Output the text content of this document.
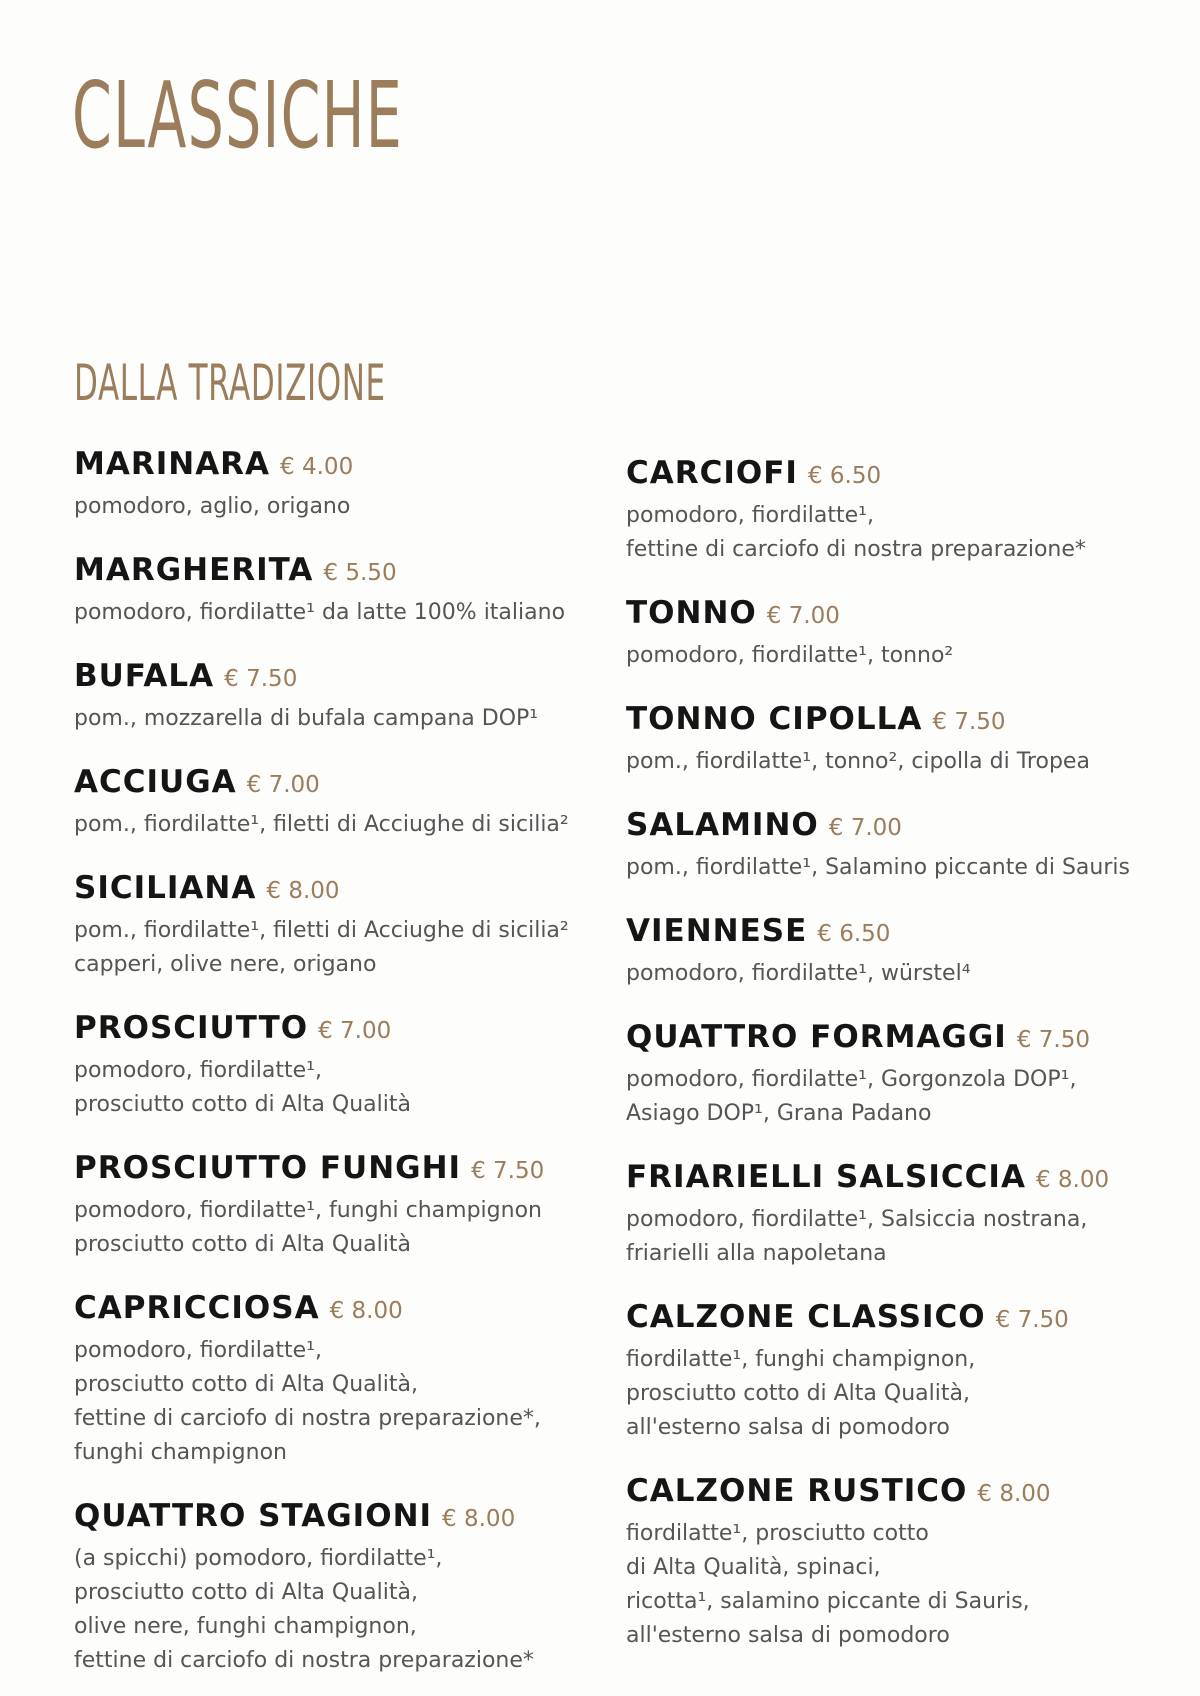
CLASSICHE
DALLA TRADIZIONE
MARINARA € 4.00
pomodoro, aglio, origano
MARGHERITA € 5.50
pomodoro, fiordilatte¹ da latte 100% italiano
BUFALA € 7.50
pom., mozzarella di bufala campana DOP¹
ACCIUGA € 7.00
pom., fiordilatte¹, filetti di Acciughe di sicilia²
SICILIANA € 8.00
pom., fiordilatte¹, filetti di Acciughe di sicilia²
capperi, olive nere, origano
PROSCIUTTO € 7.00
pomodoro, fiordilatte¹,
prosciutto cotto di Alta Qualità
PROSCIUTTO FUNGHI € 7.50
pomodoro, fiordilatte¹, funghi champignon
prosciutto cotto di Alta Qualità
CAPRICCIOSA € 8.00
pomodoro, fiordilatte¹,
prosciutto cotto di Alta Qualità,
fettine di carciofo di nostra preparazione*,
funghi champignon
QUATTRO STAGIONI € 8.00
(a spicchi) pomodoro, fiordilatte¹,
prosciutto cotto di Alta Qualità,
olive nere, funghi champignon,
fettine di carciofo di nostra preparazione*
CARCIOFI € 6.50
pomodoro, fiordilatte¹,
fettine di carciofo di nostra preparazione*
TONNO € 7.00
pomodoro, fiordilatte¹, tonno²
TONNO CIPOLLA € 7.50
pom., fiordilatte¹, tonno², cipolla di Tropea
SALAMINO € 7.00
pom., fiordilatte¹, Salamino piccante di Sauris
VIENNESE € 6.50
pomodoro, fiordilatte¹, würstel⁴
QUATTRO FORMAGGI € 7.50
pomodoro, fiordilatte¹, Gorgonzola DOP¹,
Asiago DOP¹, Grana Padano
FRIARIELLI SALSICCIA € 8.00
pomodoro, fiordilatte¹, Salsiccia nostrana,
friarielli alla napoletana
CALZONE CLASSICO € 7.50
fiordilatte¹, funghi champignon,
prosciutto cotto di Alta Qualità,
all'esterno salsa di pomodoro
CALZONE RUSTICO € 8.00
fiordilatte¹, prosciutto cotto
di Alta Qualità, spinaci,
ricotta¹, salamino piccante di Sauris,
all'esterno salsa di pomodoro
